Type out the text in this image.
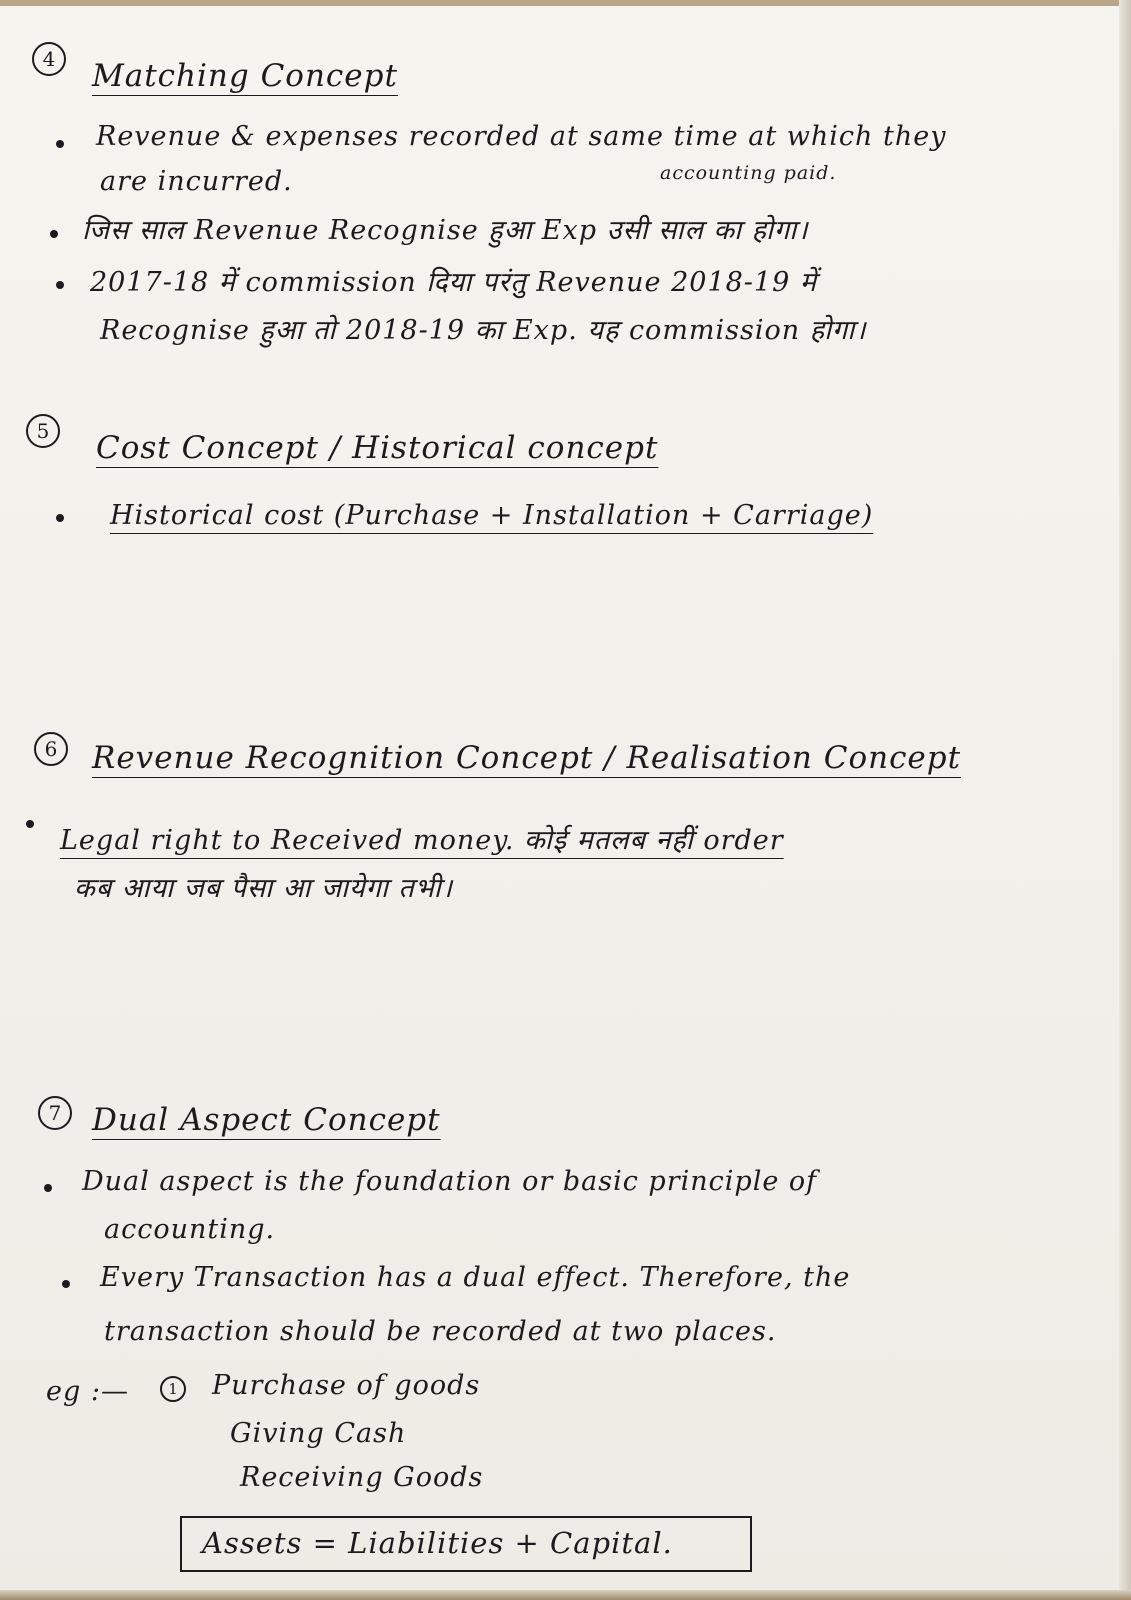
4	Matching Concept
Revenue & expenses recorded at same time at which they
are incurred.	accounting paid.
जिस साल Revenue Recognise हुआ Exp उसी साल का होगा।
2017-18 में commission दिया परंतु Revenue 2018-19 में
Recognise हुआ तो 2018-19 का Exp. यह commission होगा।
5	Cost Concept / Historical concept
Historical cost (Purchase + Installation + Carriage)
6	Revenue Recognition Concept / Realisation Concept
Legal right to Received money. कोई मतलब नहीं order
कब आया जब पैसा आ जायेगा तभी।
7 Dual Aspect Concept
Dual aspect is the foundation or basic principle of
accounting.
Every Transaction has a dual effect. Therefore, the
transaction should be recorded at two places.
eg :—	1	Purchase of goods
Giving Cash
Receiving Goods
Assets = Liabilities + Capital.
